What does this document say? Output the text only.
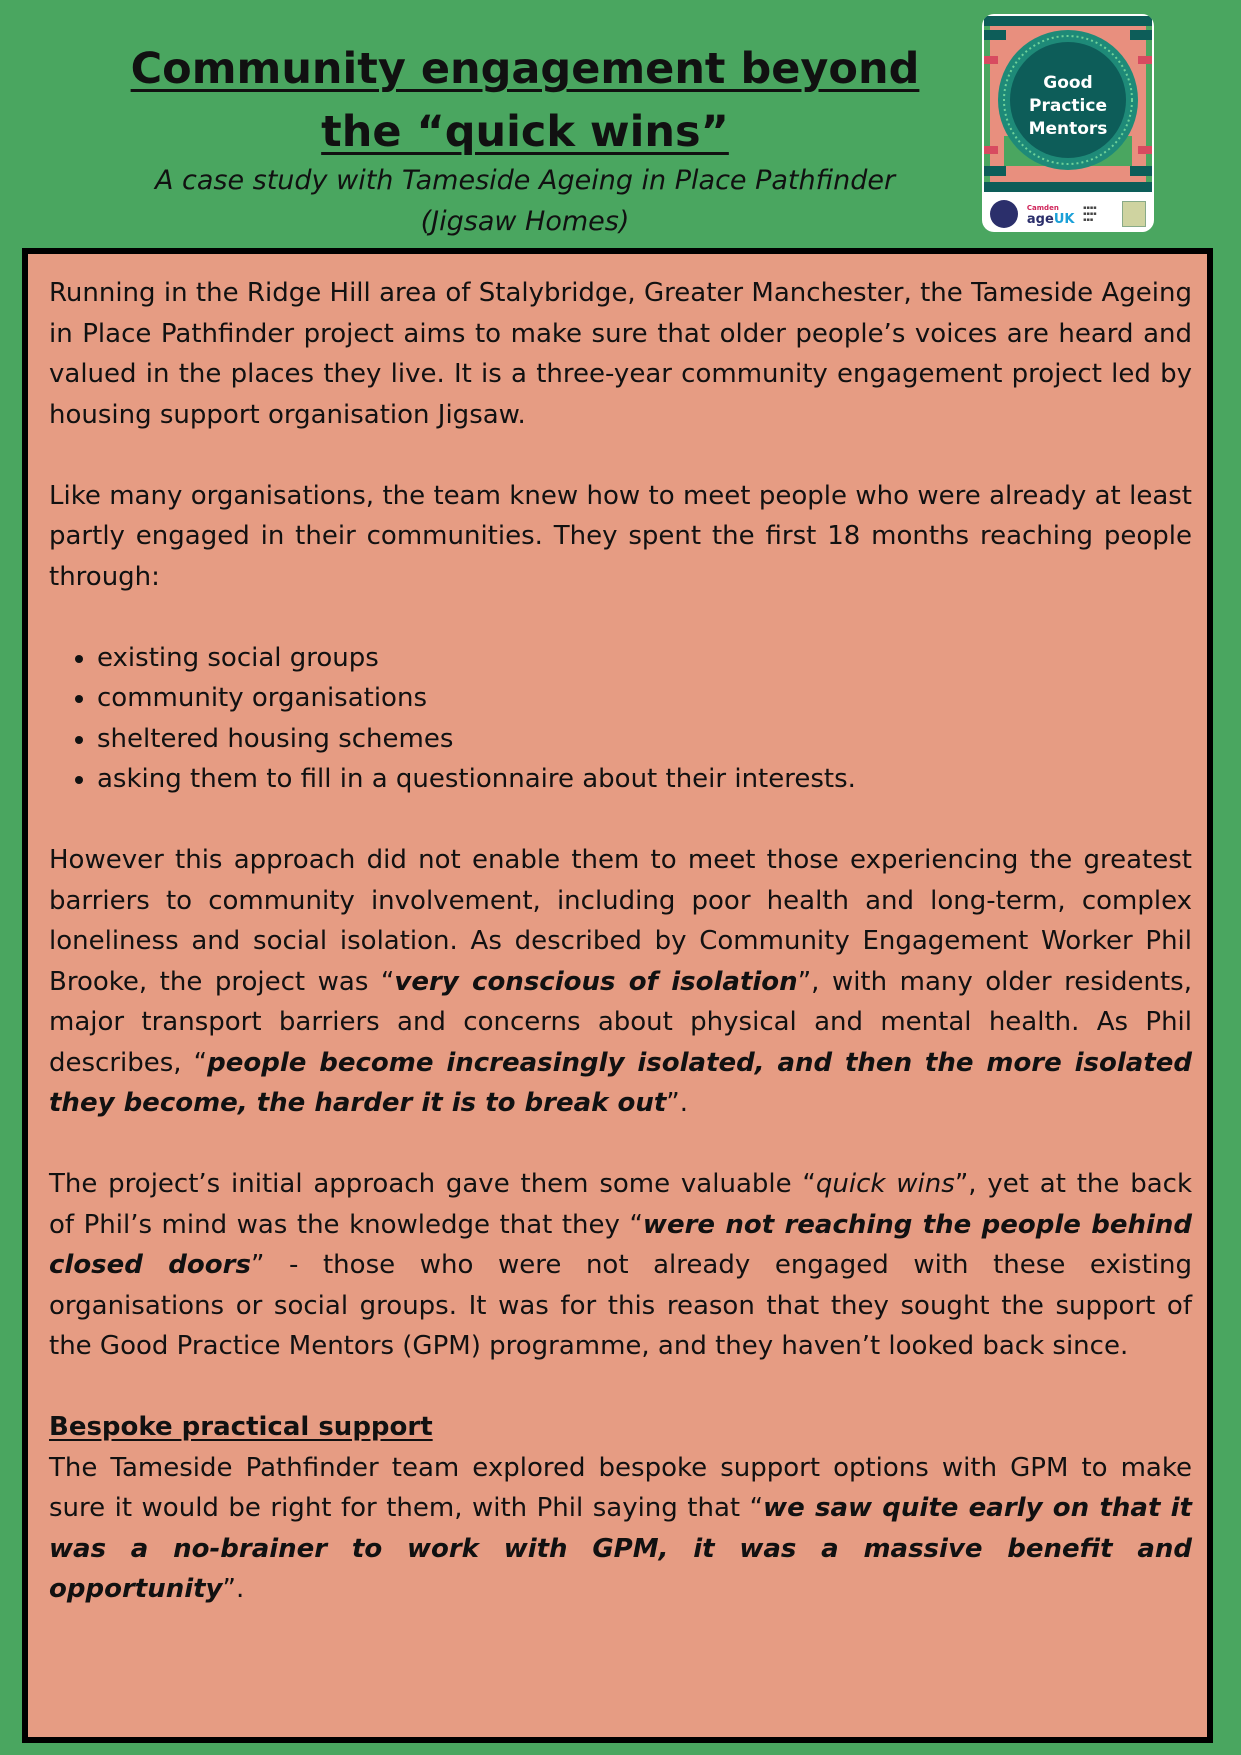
Community engagement beyond
the “quick wins”

A case study with Tameside Ageing in Place Pathfinder
(Jigsaw Homes)

Good
Practice
Mentors
Camden
ageUK
▪▪▪▪
▪▪▪▪
▪▪▪

Running in the Ridge Hill area of Stalybridge, Greater Manchester, the Tameside Ageing in Place Pathfinder project aims to make sure that older people’s voices are heard and valued in the places they live. It is a three-year community engagement project led by housing support organisation Jigsaw.

Like many organisations, the team knew how to meet people who were already at least partly engaged in their communities. They spent the first 18 months reaching people through:

• existing social groups
• community organisations
• sheltered housing schemes
• asking them to fill in a questionnaire about their interests.

However this approach did not enable them to meet those experiencing the greatest barriers to community involvement, including poor health and long-term, complex loneliness and social isolation. As described by Community Engagement Worker Phil Brooke, the project was “very conscious of isolation”, with many older residents, major transport barriers and concerns about physical and mental health. As Phil describes, “people become increasingly isolated, and then the more isolated they become, the harder it is to break out”.

The project’s initial approach gave them some valuable “quick wins”, yet at the back of Phil’s mind was the knowledge that they “were not reaching the people behind closed doors” - those who were not already engaged with these existing organisations or social groups. It was for this reason that they sought the support of the Good Practice Mentors (GPM) programme, and they haven’t looked back since.

Bespoke practical support
The Tameside Pathfinder team explored bespoke support options with GPM to make sure it would be right for them, with Phil saying that “we saw quite early on that it was a no-brainer to work with GPM, it was a massive benefit and opportunity”.
